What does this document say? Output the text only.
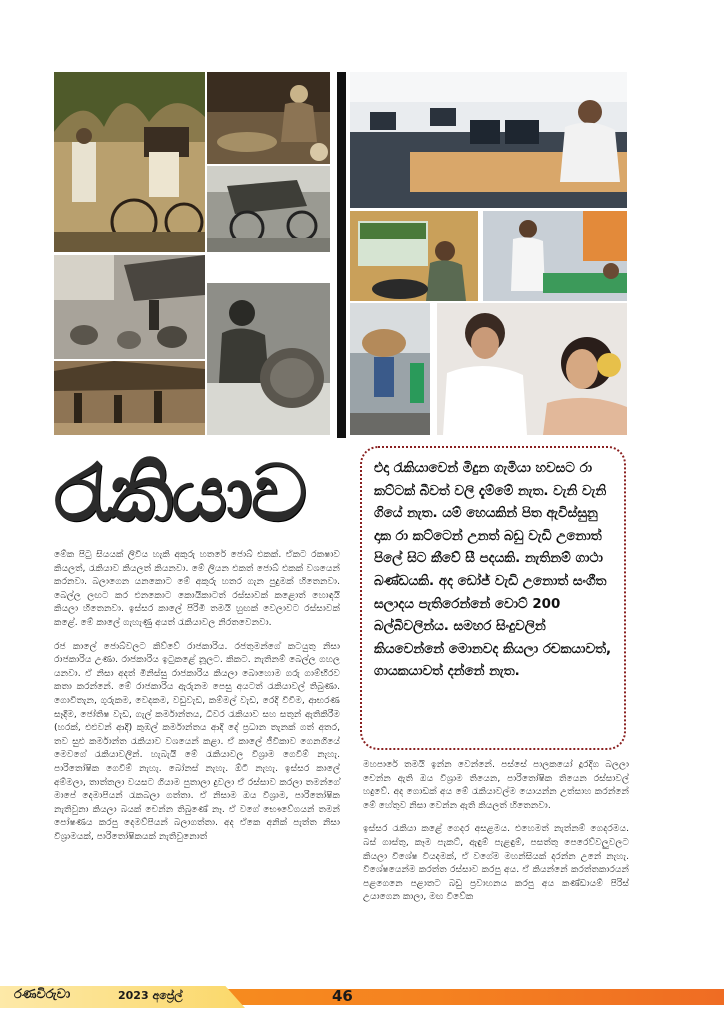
රැකියාව

මේක පිටු සියයක් ලිවිය හැකි අකුරු හතරේ ජොබ් එකක්. ඒකට රකෂාව කියලත්, රැකියාව කියලත් කියනවා. මේ ලියන එකත් ජොබ් එකක් වශයෙන් කරනවා. බලාගෙන යනකොට මේ අකුරු හතර ගැන පුදුමක් හිතෙනවා. බෙල්ල ලඟට කර එනකොට කොයිකාටත් රස්සාවක් කළොත් හොඳයි කියලා හිතෙනවා. ඉස්සර කාලේ පිරිමි තමයි හුඟක් වෙලාවට රස්සාවක් කළේ. මේ කාලේ ගැහැණු අයත් රැකියාවල නිරතවෙනවා.

රජ කාලේ ජොබ්වලට කිව්වේ රාජකාරිය. රජතුමන්ගේ කටයුතු නිසා රාජකාරිය උණා. රාජකාරිය ඉටුකළේ නූලට. කිකට. නැතිනම් බෙල්ල ගහල යනවා. ඒ නිසා අදත් මිනිස්සු රාජකාරිය කියලා බොහොම ගරු ගාම්භීරව කතා කරන්නේ. මේ රාජකාරිය ඇරුනම පෙසු අයටත් රැකියාවල් තිබුණා. ගොවිතැන, ගුරුකම, වෙදකම, වඩුවැඩ, කම්මල් වැඩ, රෙදි විවීම, ආභරණ සෑදීම, ජෝතිෂ වැඩ, ගැල් කර්මාන්තය, ධීවර රැකියාව සහ සතුන් ඇතිකිරීම (හරක්, එළුවන් ආදී) කුඹල් කර්මාන්තය ආදි දේ ප්‍රධාන තැනක් ගත් අතර, තව සුළු කර්මාන්ත රැකියාව වශයෙන් කළා. ඒ කාලේ ජීවිකාව ගෙනගියේ මෙවගේ රැකියාවලින්. හැබැයි මේ රැකියාවල විශ්‍රාම ගෙවීම් නැහැ. පාරිතෝෂික ගෙවීම් නැහැ. බෝනස් නැහැ. ඕටී නැහැ. ඉස්සර කාලේ අම්මලා, තාත්තලා වයසට ගියාම පුතාලා දුවලා ඒ රස්සාව කරලා තමන්ගේ මාපේ දෙමාපියන් රැකබලා ගත්තා. ඒ නිසාම ඔය විශ්‍රාම, පාරිතෝෂික නැතිවුනා කියලා බයක් චෙන්න තිබුණේ නෑ. ඒ වගේ භෞවේගයන් තමන් පෝෂණය කරපු දෙමව්පියන් බලාගත්තා. අද ඒකෙ අනික් පැත්ත නිසා විශ්‍රාමයක්, පාරිතෝෂිකයක් නැතිවුනොත්

එදා රැකියාවෙන් මිදුන ගැමියා හවසට රා කට්ටක් බීවත් වලි දැම්මේ නැත. වැනි වැනි ගියේ නැත. යම් හෙයකින් පිත ඇවිස්සුනු දාක රා කට්ටෙන් උනත් බඩු වැඩි උනොත් පිලේ සිට කීවේ සී පදයකි. නැතිනම් ගාථා බණ්ඩයකි. අද ඩෝජ් වැඩි උනොත් සංගීත සලාදය පැතිරෙන්නේ වොට් 200 බල්බිවලින්ය. සමහර සිංදුවලින් කියවෙන්නේ මොනවද කියලා රචකයාවත්, ගායකයාවත් දන්නේ නැත.

මහපාරේ තමයි ඉන්න වෙන්නේ. පස්සේ පාලකයෝ දූරදිග බලලා චෙන්න ඇති ඔය විශ්‍රාම තියෙන, පාරිතෝෂික තියෙන රස්සාවල් හදුවේ. අද ගොඩක් අය මේ රැකියාවල්ම යොයන්න උත්සාහ කරන්නේ මේ හේතුව නිසා වෙන්න ඇති කියලත් හිතෙනවා.

ඉස්සර රැකියා කළේ ගෙදර අසළමය. එහෙමත් නැත්නම් ගෙදරමය. බස් ගාස්තු, කෑම පැකට්, ඇඳුම් පැළඳුම්, පසත්තු පෙරෙව්වලුවලට කියලා විශේෂ වියදමක්, ඒ වගේම මහන්සියක් දරන්න උනේ නැහැ. විශේෂයෙන්ම කරත්ත රස්සාව කරපු අය. ඒ කියන්නේ කරත්තකාරයන් පළගෙනෙ පළාතට බඩු ප්‍රවාහනය කරපු අය කණ්ඩායම් පිරිස් උයාගෙන කාලා, මඟ වීවේක

රණවිරුවා	2023 අප්‍රේල්	46
